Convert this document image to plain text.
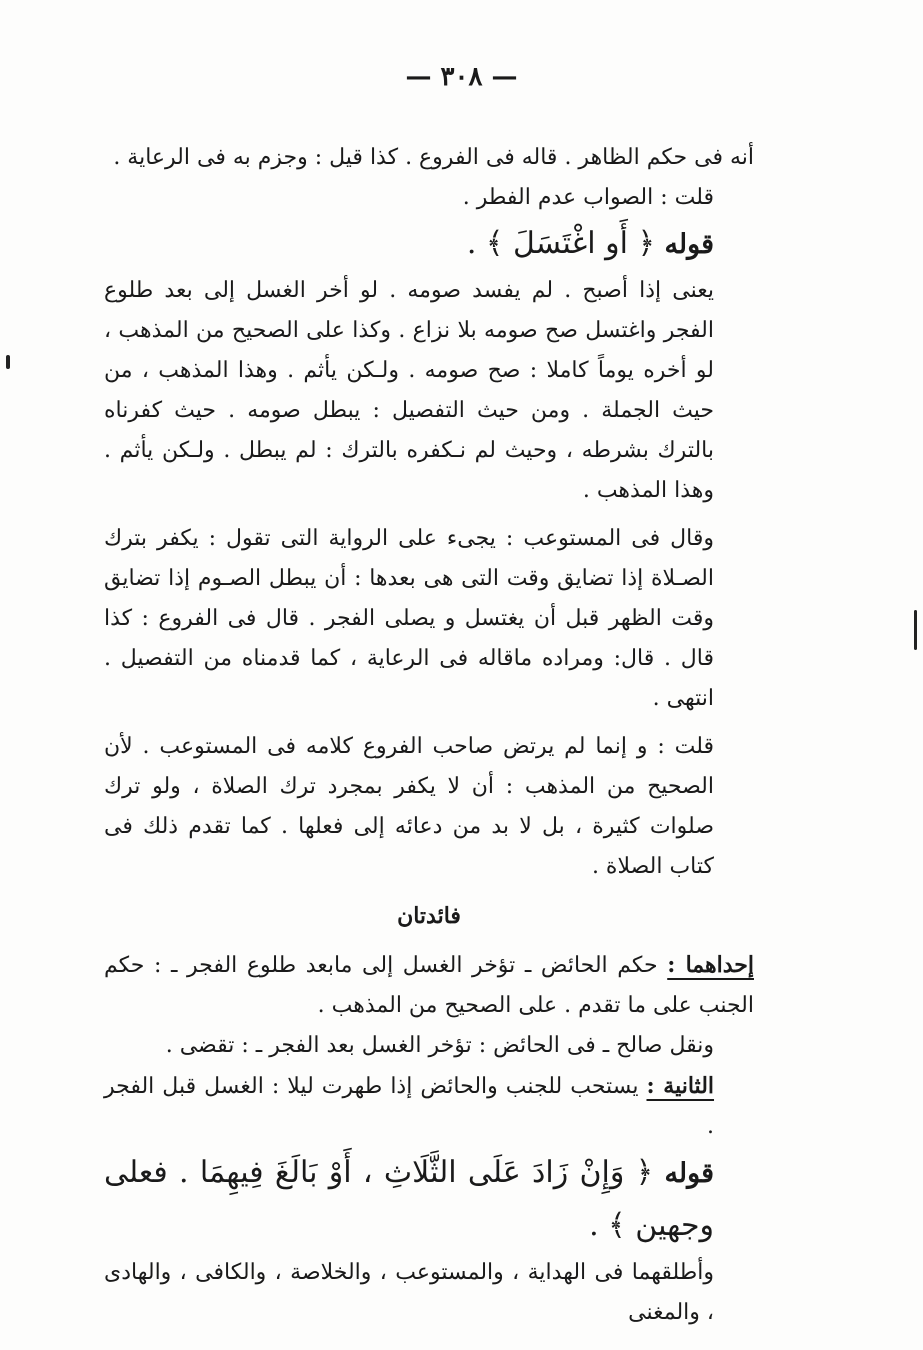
— ٣٠٨ —

أنه فى حكم الظاهر . قاله فى الفروع . كذا قيل : وجزم به فى الرعاية .

قلت : الصواب عدم الفطر .

قوله ﴿ أَو اغْتَسَلَ ﴾ .

يعنى إذا أصبح . لم يفسد صومه . لو أخر الغسل إلى بعد طلوع الفجر واغتسل صح صومه بلا نزاع . وكذا على الصحيح من المذهب ، لو أخره يوماً كاملا : صح صومه . ولـكن يأثم . وهذا المذهب ، من حيث الجملة . ومن حيث التفصيل : يبطل صومه . حيث كفرناه بالترك بشرطه ، وحيث لم نـكفره بالترك : لم يبطل . ولـكن يأثم . وهذا المذهب .

وقال فى المستوعب : يجىء على الرواية التى تقول : يكفر بترك الصـلاة إذا تضايق وقت التى هى بعدها : أن يبطل الصـوم إذا تضايق وقت الظهر قبل أن يغتسل و يصلى الفجر . قال فى الفروع : كذا قال . قال: ومراده ماقاله فى الرعاية ، كما قدمناه من التفصيل . انتهى .

قلت : و إنما لم يرتض صاحب الفروع كلامه فى المستوعب . لأن الصحيح من المذهب : أن لا يكفر بمجرد ترك الصلاة ، ولو ترك صلوات كثيرة ، بل لا بد من دعائه إلى فعلها . كما تقدم ذلك فى كتاب الصلاة .

فائدتان

إحداهما : حكم الحائض ـ تؤخر الغسل إلى مابعد طلوع الفجر ـ : حكم الجنب على ما تقدم . على الصحيح من المذهب .

ونقل صالح ـ فى الحائض : تؤخر الغسل بعد الفجر ـ : تقضى .

الثانية : يستحب للجنب والحائض إذا طهرت ليلا : الغسل قبل الفجر .

قوله ﴿ وَإِنْ زَادَ عَلَى الثَّلَاثِ ، أَوْ بَالَغَ فِيهِمَا . فعلى وجهين ﴾ .

وأطلقهما فى الهداية ، والمستوعب ، والخلاصة ، والكافى ، والهادى ، والمغنى
